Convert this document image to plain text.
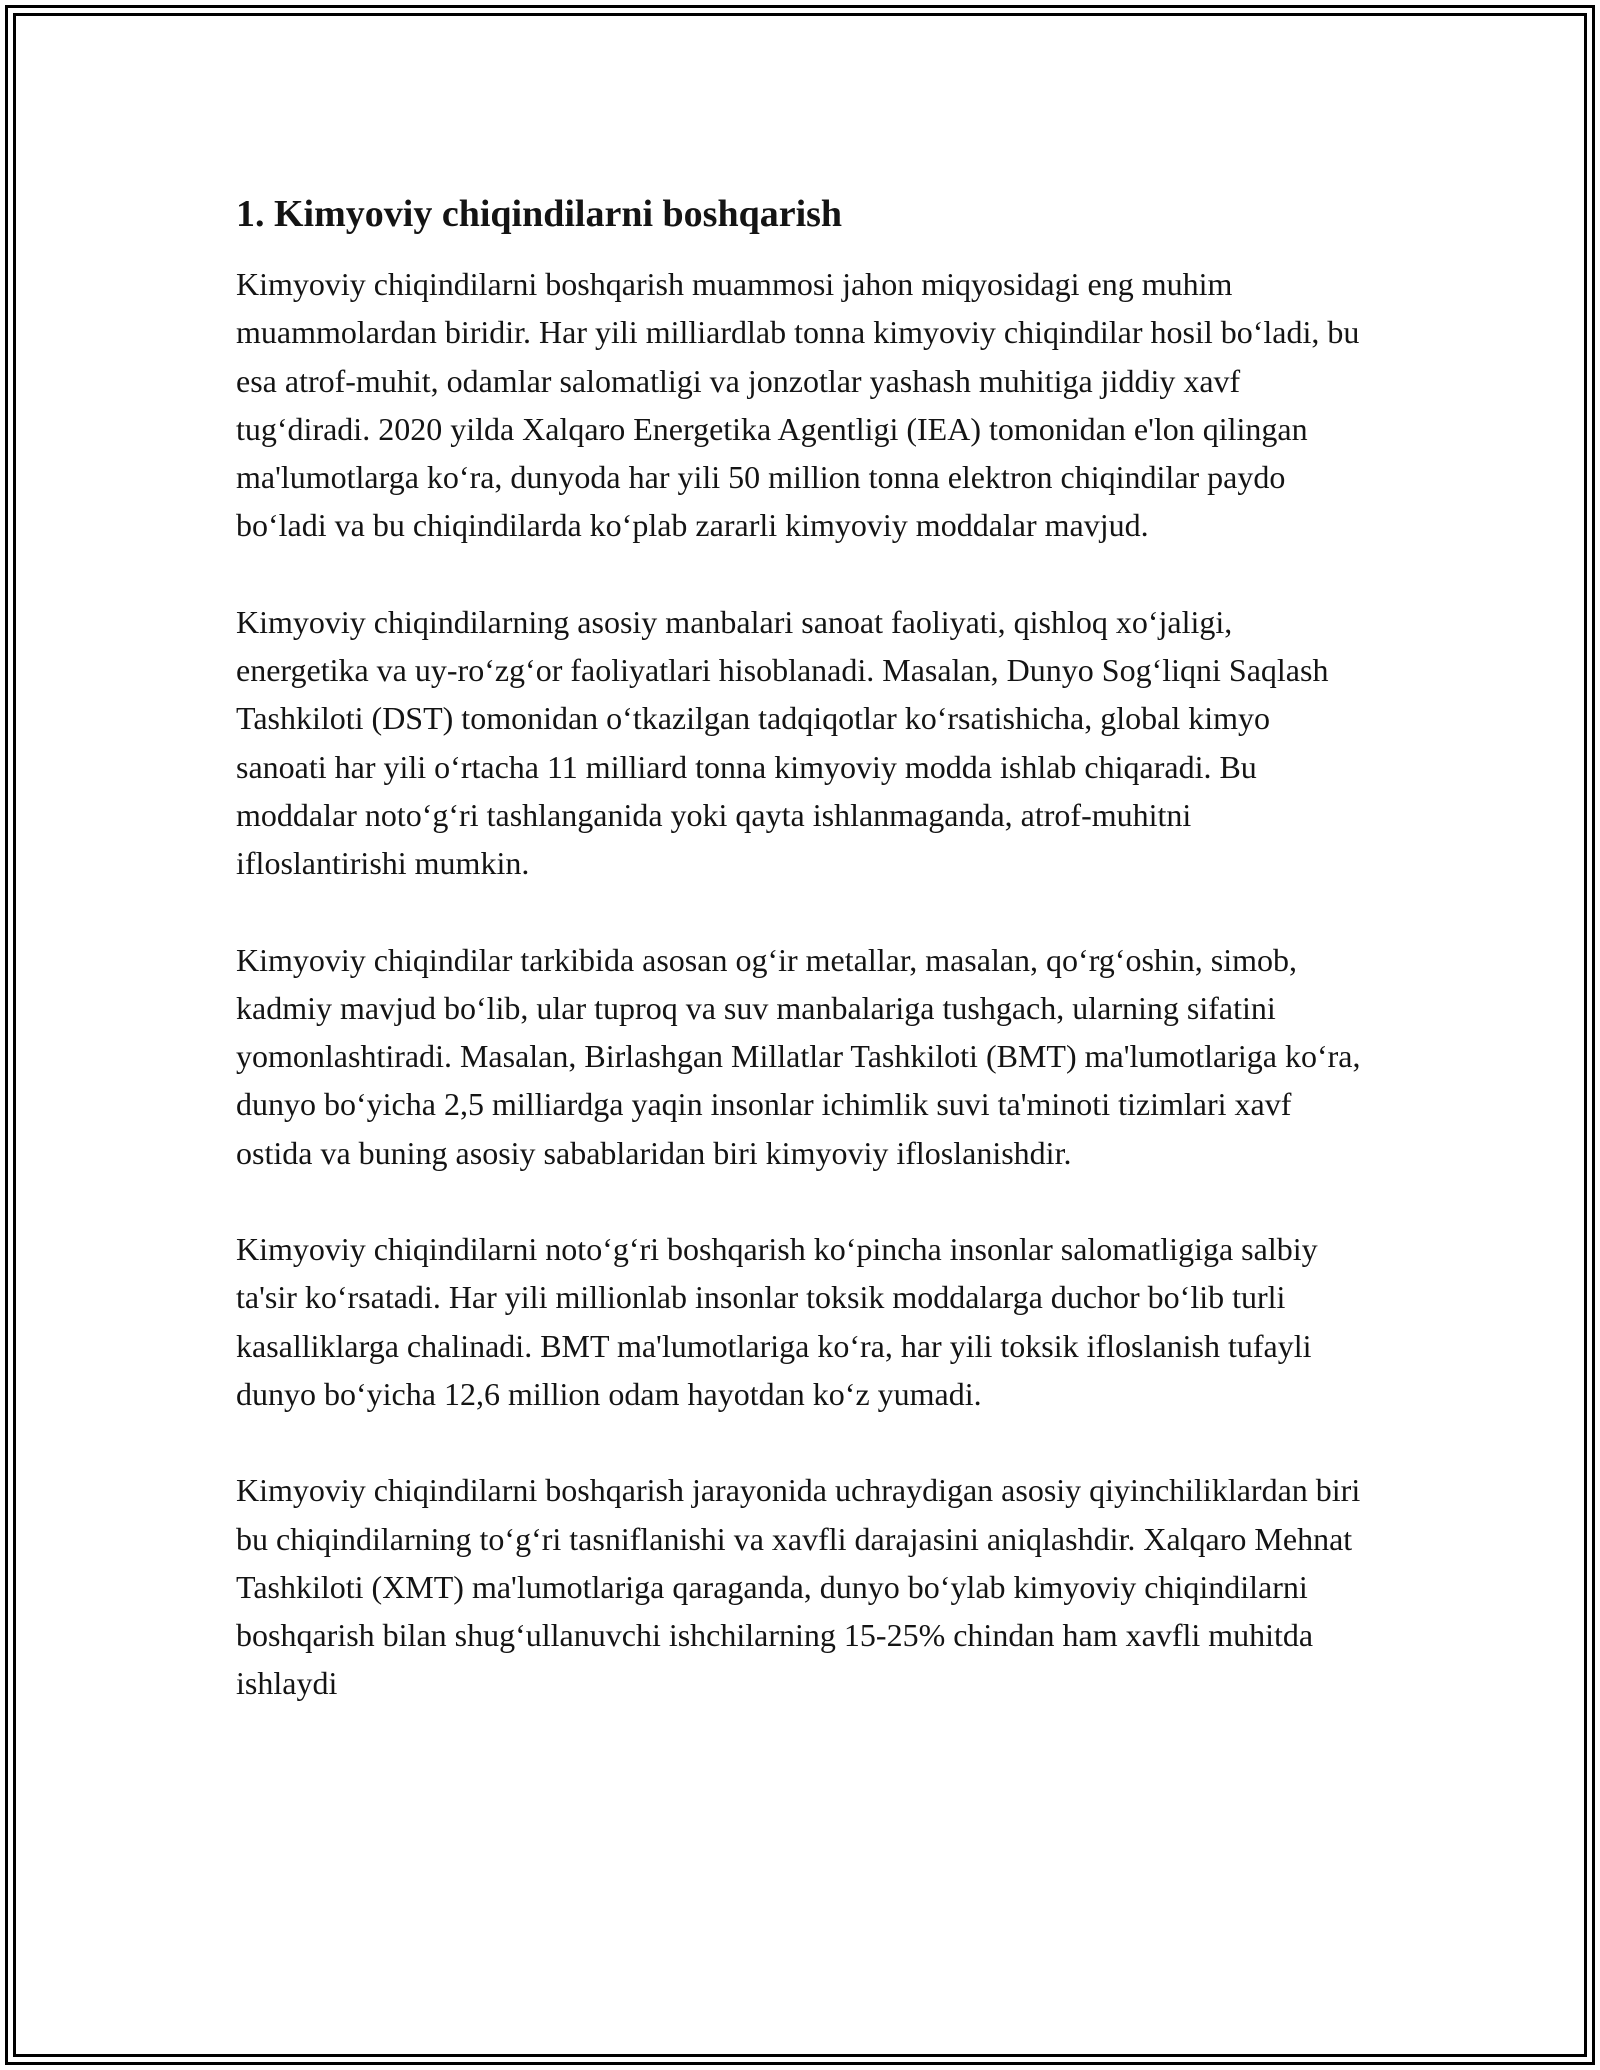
1. Kimyoviy chiqindilarni boshqarish

Kimyoviy chiqindilarni boshqarish muammosi jahon miqyosidagi eng muhim muammolardan biridir. Har yili milliardlab tonna kimyoviy chiqindilar hosil bo‘ladi, bu esa atrof-muhit, odamlar salomatligi va jonzotlar yashash muhitiga jiddiy xavf tug‘diradi. 2020 yilda Xalqaro Energetika Agentligi (IEA) tomonidan e'lon qilingan ma'lumotlarga ko‘ra, dunyoda har yili 50 million tonna elektron chiqindilar paydo bo‘ladi va bu chiqindilarda ko‘plab zararli kimyoviy moddalar mavjud.

Kimyoviy chiqindilarning asosiy manbalari sanoat faoliyati, qishloq xo‘jaligi, energetika va uy-ro‘zg‘or faoliyatlari hisoblanadi. Masalan, Dunyo Sog‘liqni Saqlash Tashkiloti (DST) tomonidan o‘tkazilgan tadqiqotlar ko‘rsatishicha, global kimyo sanoati har yili o‘rtacha 11 milliard tonna kimyoviy modda ishlab chiqaradi. Bu moddalar noto‘g‘ri tashlanganida yoki qayta ishlanmaganda, atrof-muhitni ifloslantirishi mumkin.

Kimyoviy chiqindilar tarkibida asosan og‘ir metallar, masalan, qo‘rg‘oshin, simob, kadmiy mavjud bo‘lib, ular tuproq va suv manbalariga tushgach, ularning sifatini yomonlashtiradi. Masalan, Birlashgan Millatlar Tashkiloti (BMT) ma'lumotlariga ko‘ra, dunyo bo‘yicha 2,5 milliardga yaqin insonlar ichimlik suvi ta'minoti tizimlari xavf ostida va buning asosiy sabablaridan biri kimyoviy ifloslanishdir.

Kimyoviy chiqindilarni noto‘g‘ri boshqarish ko‘pincha insonlar salomatligiga salbiy ta'sir ko‘rsatadi. Har yili millionlab insonlar toksik moddalarga duchor bo‘lib turli kasalliklarga chalinadi. BMT ma'lumotlariga ko‘ra, har yili toksik ifloslanish tufayli dunyo bo‘yicha 12,6 million odam hayotdan ko‘z yumadi.

Kimyoviy chiqindilarni boshqarish jarayonida uchraydigan asosiy qiyinchiliklardan biri bu chiqindilarning to‘g‘ri tasniflanishi va xavfli darajasini aniqlashdir. Xalqaro Mehnat Tashkiloti (XMT) ma'lumotlariga qaraganda, dunyo bo‘ylab kimyoviy chiqindilarni boshqarish bilan shug‘ullanuvchi ishchilarning 15-25% chindan ham xavfli muhitda ishlaydi
